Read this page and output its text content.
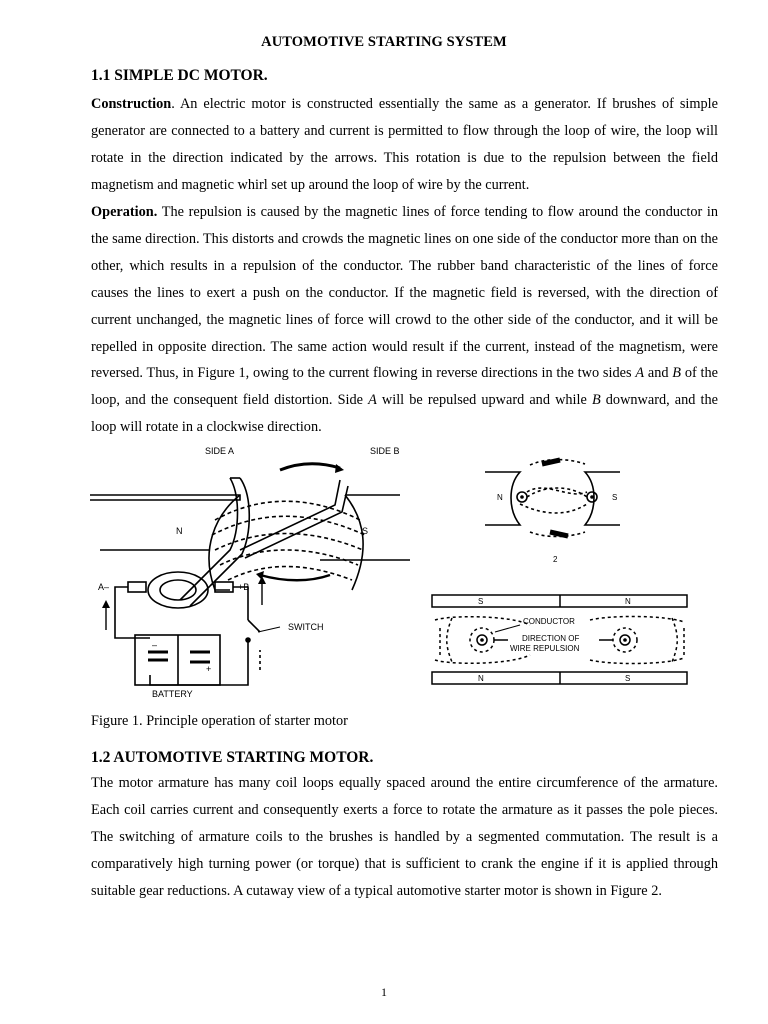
AUTOMOTIVE STARTING SYSTEM
1.1 SIMPLE DC MOTOR.

Construction. An electric motor is constructed essentially the same as a generator. If brushes of simple generator are connected to a battery and current is permitted to flow through the loop of wire, the loop will rotate in the direction indicated by the arrows. This rotation is due to the repulsion between the field magnetism and magnetic whirl set up around the loop of wire by the current.

Operation. The repulsion is caused by the magnetic lines of force tending to flow around the conductor in the same direction. This distorts and crowds the magnetic lines on one side of the conductor more than on the other, which results in a repulsion of the conductor. The rubber band characteristic of the lines of force causes the lines to exert a push on the conductor. If the magnetic field is reversed, with the direction of current unchanged, the magnetic lines of force will crowd to the other side of the conductor, and it will be repelled in opposite direction. The same action would result if the current, instead of the magnetism, were reversed. Thus, in Figure 1, owing to the current flowing in reverse directions in the two sides A and B of the loop, and the consequent field distortion. Side A will be repulsed upward and while B downward, and the loop will rotate in a clockwise direction.

SIDE A	SIDE B
N	S
A–	+B
SWITCH
BATTERY
–
+
N	S
2
S	N
N	S
CONDUCTOR
DIRECTION OF
WIRE REPULSION
Figure 1. Principle operation of starter motor
1.2 AUTOMOTIVE STARTING MOTOR.

The motor armature has many coil loops equally spaced around the entire circumference of the armature. Each coil carries current and consequently exerts a force to rotate the armature as it passes the pole pieces. The switching of armature coils to the brushes is handled by a segmented commutation. The result is a comparatively high turning power (or torque) that is sufficient to crank the engine if it is applied through suitable gear reductions. A cutaway view of a typical automotive starter motor is shown in Figure 2.

1
